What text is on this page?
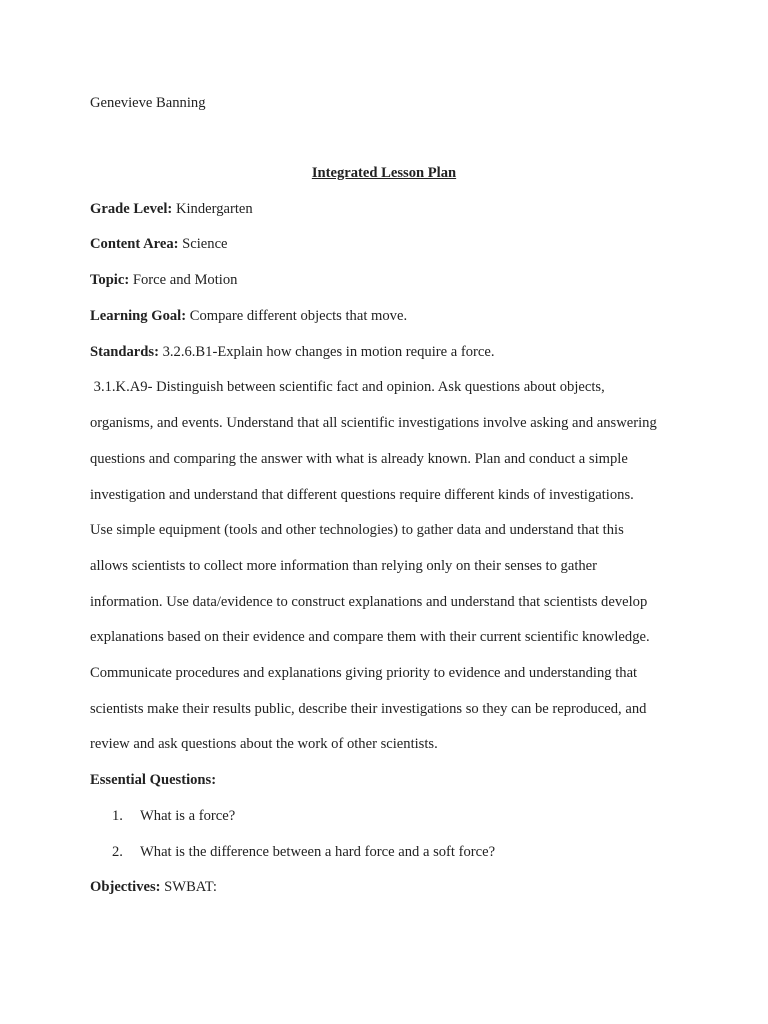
Genevieve Banning
Integrated Lesson Plan
Grade Level: Kindergarten
Content Area: Science
Topic: Force and Motion
Learning Goal: Compare different objects that move.
Standards: 3.2.6.B1-Explain how changes in motion require a force.
3.1.K.A9- Distinguish between scientific fact and opinion. Ask questions about objects,
organisms, and events. Understand that all scientific investigations involve asking and answering
questions and comparing the answer with what is already known. Plan and conduct a simple
investigation and understand that different questions require different kinds of investigations.
Use simple equipment (tools and other technologies) to gather data and understand that this
allows scientists to collect more information than relying only on their senses to gather
information. Use data/evidence to construct explanations and understand that scientists develop
explanations based on their evidence and compare them with their current scientific knowledge.
Communicate procedures and explanations giving priority to evidence and understanding that
scientists make their results public, describe their investigations so they can be reproduced, and
review and ask questions about the work of other scientists.
Essential Questions:
1. What is a force?
2. What is the difference between a hard force and a soft force?
Objectives: SWBAT:
